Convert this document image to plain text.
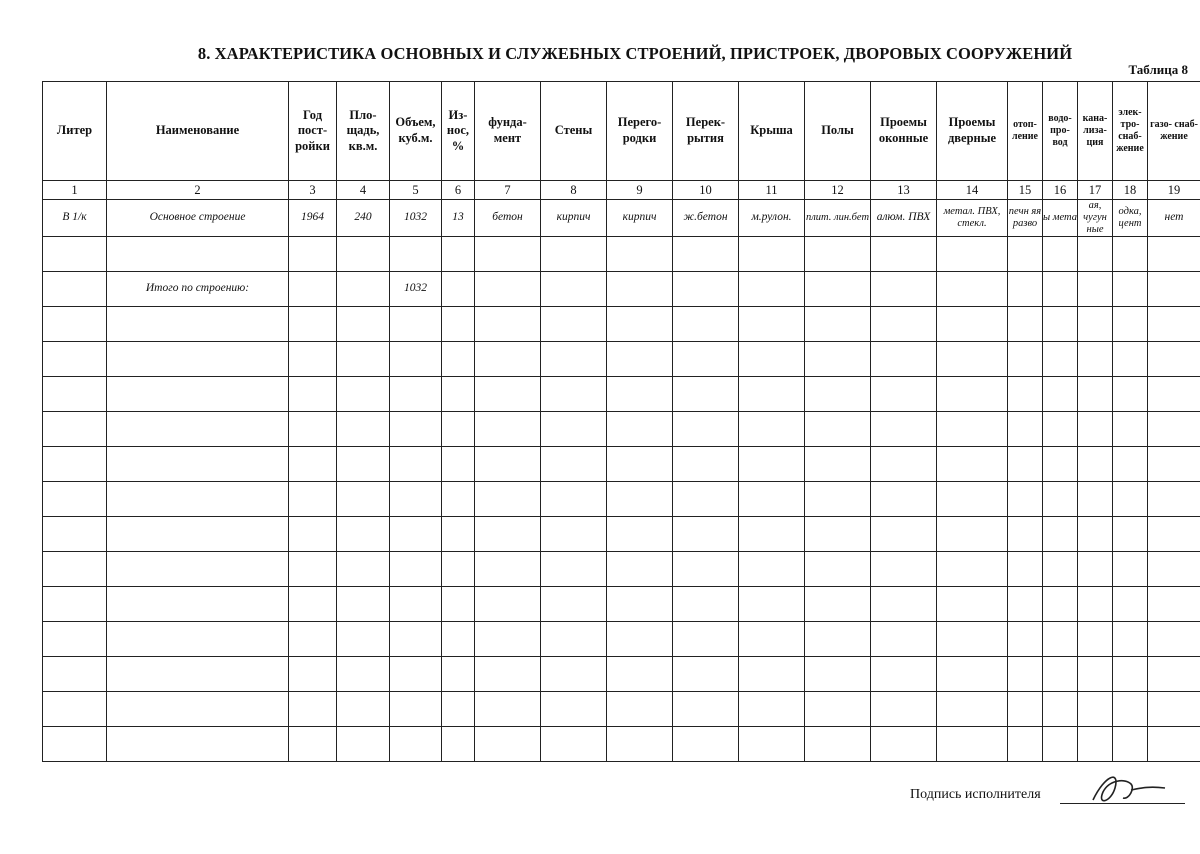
8. ХАРАКТЕРИСТИКА ОСНОВНЫХ И СЛУЖЕБНЫХ СТРОЕНИЙ, ПРИСТРОЕК, ДВОРОВЫХ СООРУЖЕНИЙ
Таблица 8
Литер	Наименование	Год пост- ройки	Пло- щадь, кв.м.	Объем, куб.м.	Из- нос, %	фунда- мент	Стены	Перего- родки	Перек- рытия	Крыша	Полы	Проемы оконные	Проемы дверные	отоп- ление	водо- про- вод	кана- лиза- ция	элек- тро- снаб- жение	газо- снаб- жение
1	2	3	4	5	6	7	8	9	10	11	12	13	14	15	16	17	18	19
В 1/к	Основное строение	1964	240	1032	13	бетон	кирпич	кирпич	ж.бетон	м.рулон.	плит. лин.бет	алюм. ПВХ	метал. ПВХ, стекл.	печн яя разво	ы мета	ая, чугун ные	одка, цент	нет

	Итого по строению:			1032														

Подпись исполнителя
